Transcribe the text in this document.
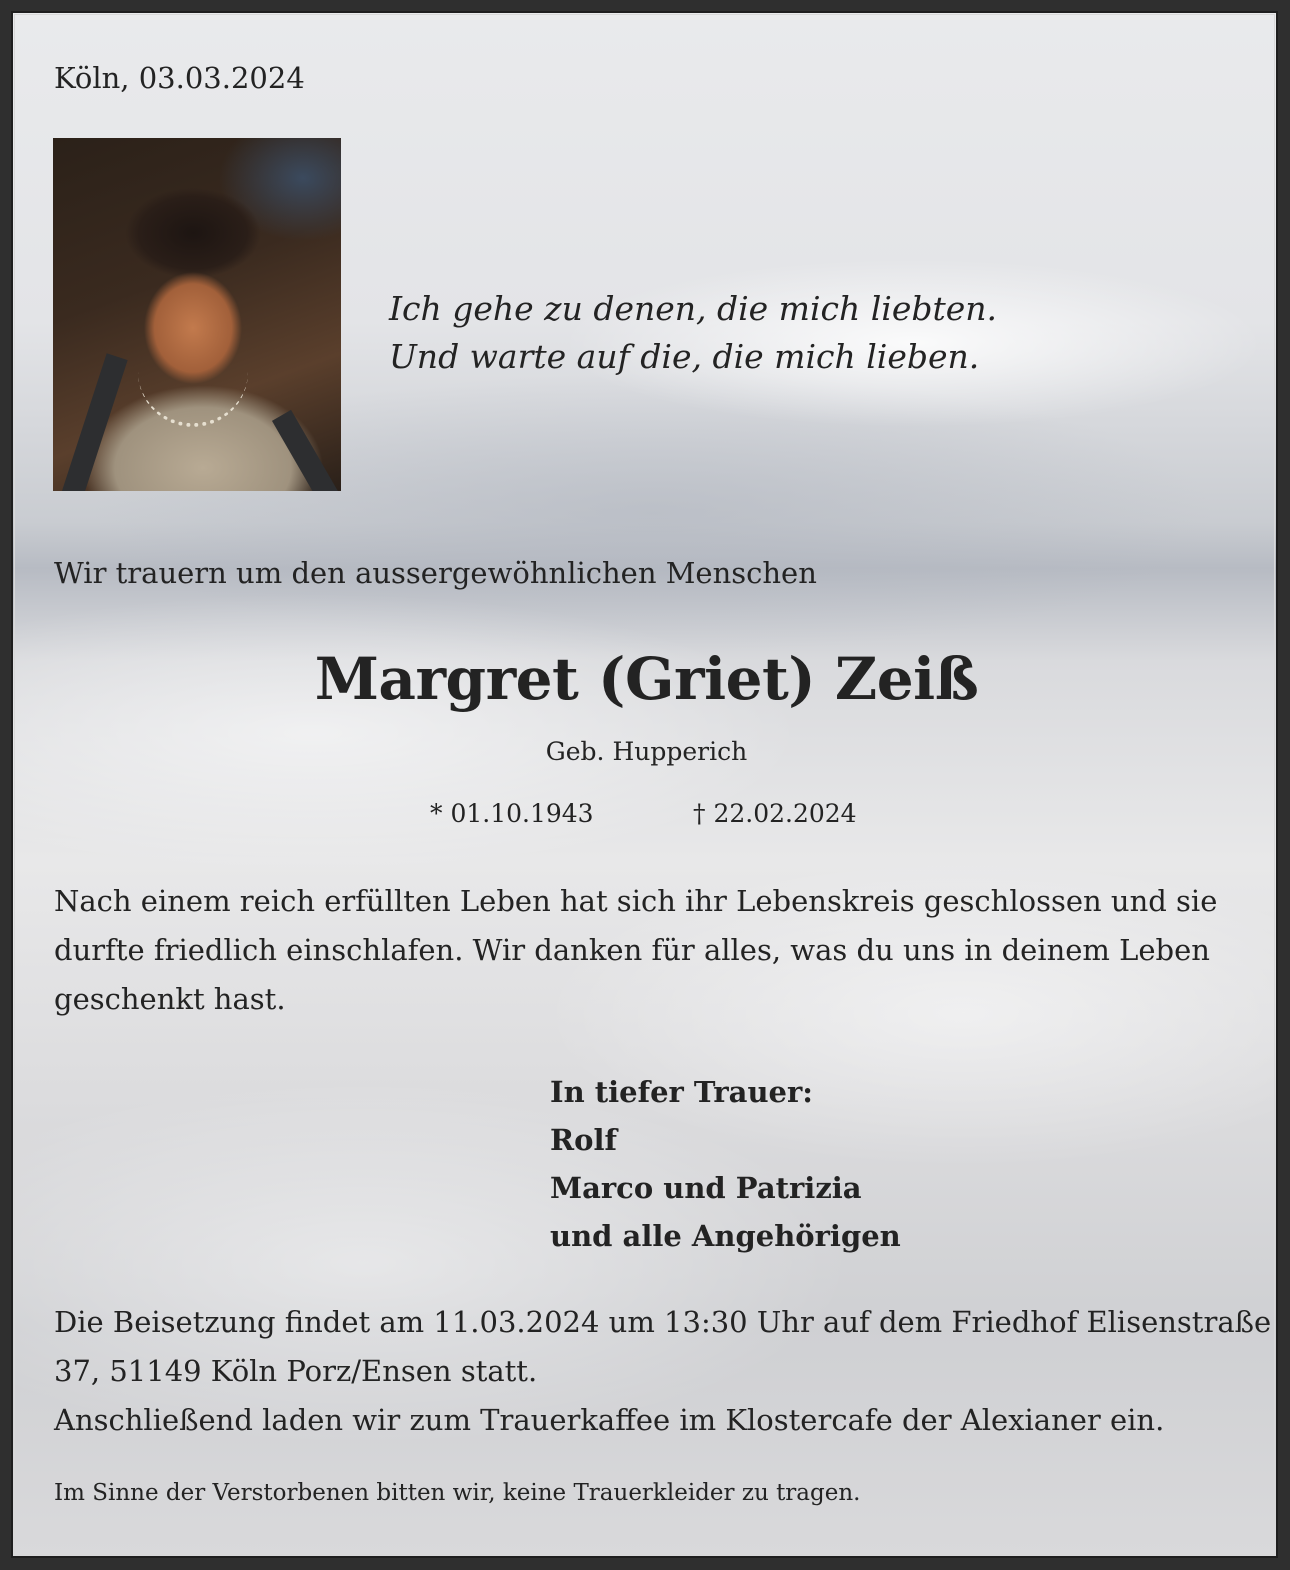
Köln, 03.03.2024
Ich gehe zu denen, die mich liebten.
Und warte auf die, die mich lieben.
Wir trauern um den aussergewöhnlichen Menschen
Margret (Griet) Zeiß
Geb. Hupperich
* 01.10.1943	† 22.02.2024
Nach einem reich erfüllten Leben hat sich ihr Lebenskreis geschlossen und sie durfte friedlich einschlafen. Wir danken für alles, was du uns in deinem Leben geschenkt hast.
In tiefer Trauer:
Rolf
Marco und Patrizia
und alle Angehörigen
Die Beisetzung findet am 11.03.2024 um 13:30 Uhr auf dem Friedhof Elisenstraße
37, 51149 Köln Porz/Ensen statt.
Anschließend laden wir zum Trauerkaffee im Klostercafe der Alexianer ein.
Im Sinne der Verstorbenen bitten wir, keine Trauerkleider zu tragen.
